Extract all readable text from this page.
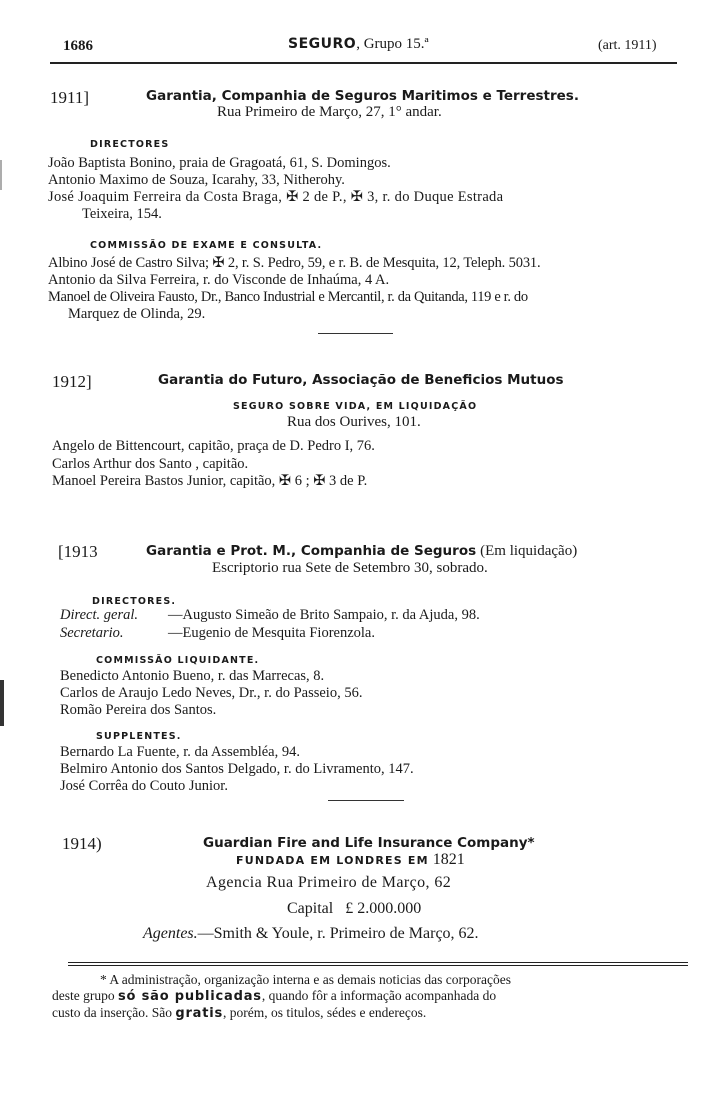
1686	SEGURO, Grupo 15.ª	(art. 1911)
1911]	Garantia, Companhia de Seguros Maritimos e Terrestres.
Rua Primeiro de Março, 27, 1° andar.
DIRECTORES
João Baptista Bonino, praia de Gragoatá, 61, S. Domingos.
Antonio Maximo de Souza, Icarahy, 33, Nitherohy.
José Joaquim Ferreira da Costa Braga, ✠ 2 de P., ✠ 3, r. do Duque Estrada
Teixeira, 154.
COMMISSÃO DE EXAME E CONSULTA.
Albino José de Castro Silva; ✠ 2, r. S. Pedro, 59, e r. B. de Mesquita, 12, Teleph. 5031.
Antonio da Silva Ferreira, r. do Visconde de Inhaúma, 4 A.
Manoel de Oliveira Fausto, Dr., Banco Industrial e Mercantil, r. da Quitanda, 119 e r. do
Marquez de Olinda, 29.
1912]	Garantia do Futuro, Associação de Beneficios Mutuos
SEGURO SOBRE VIDA, EM LIQUIDAÇÃO
Rua dos Ourives, 101.
Angelo de Bittencourt, capitão, praça de D. Pedro I, 76.
Carlos Arthur dos Santo , capitão.
Manoel Pereira Bastos Junior, capitão, ✠ 6 ; ✠ 3 de P.
[1913	Garantia e Prot. M., Companhia de Seguros (Em liquidação)
Escriptorio rua Sete de Setembro 30, sobrado.
DIRECTORES.
Direct. geral. —Augusto Simeão de Brito Sampaio, r. da Ajuda, 98.
Secretario.	—Eugenio de Mesquita Fiorenzola.
COMMISSÃO LIQUIDANTE.
Benedicto Antonio Bueno, r. das Marrecas, 8.
Carlos de Araujo Ledo Neves, Dr., r. do Passeio, 56.
Romão Pereira dos Santos.
SUPPLENTES.
Bernardo La Fuente, r. da Assembléa, 94.
Belmiro Antonio dos Santos Delgado, r. do Livramento, 147.
José Corrêa do Couto Junior.
1914)	Guardian Fire and Life Insurance Company*
FUNDADA EM LONDRES EM 1821
Agencia Rua Primeiro de Março, 62
Capital £ 2.000.000
Agentes.—Smith & Youle, r. Primeiro de Março, 62.
* A administração, organização interna e as demais noticias das corporações
deste grupo só são publicadas, quando fôr a informação acompanhada do
custo da inserção. São gratis, porém, os titulos, sédes e endereços.
